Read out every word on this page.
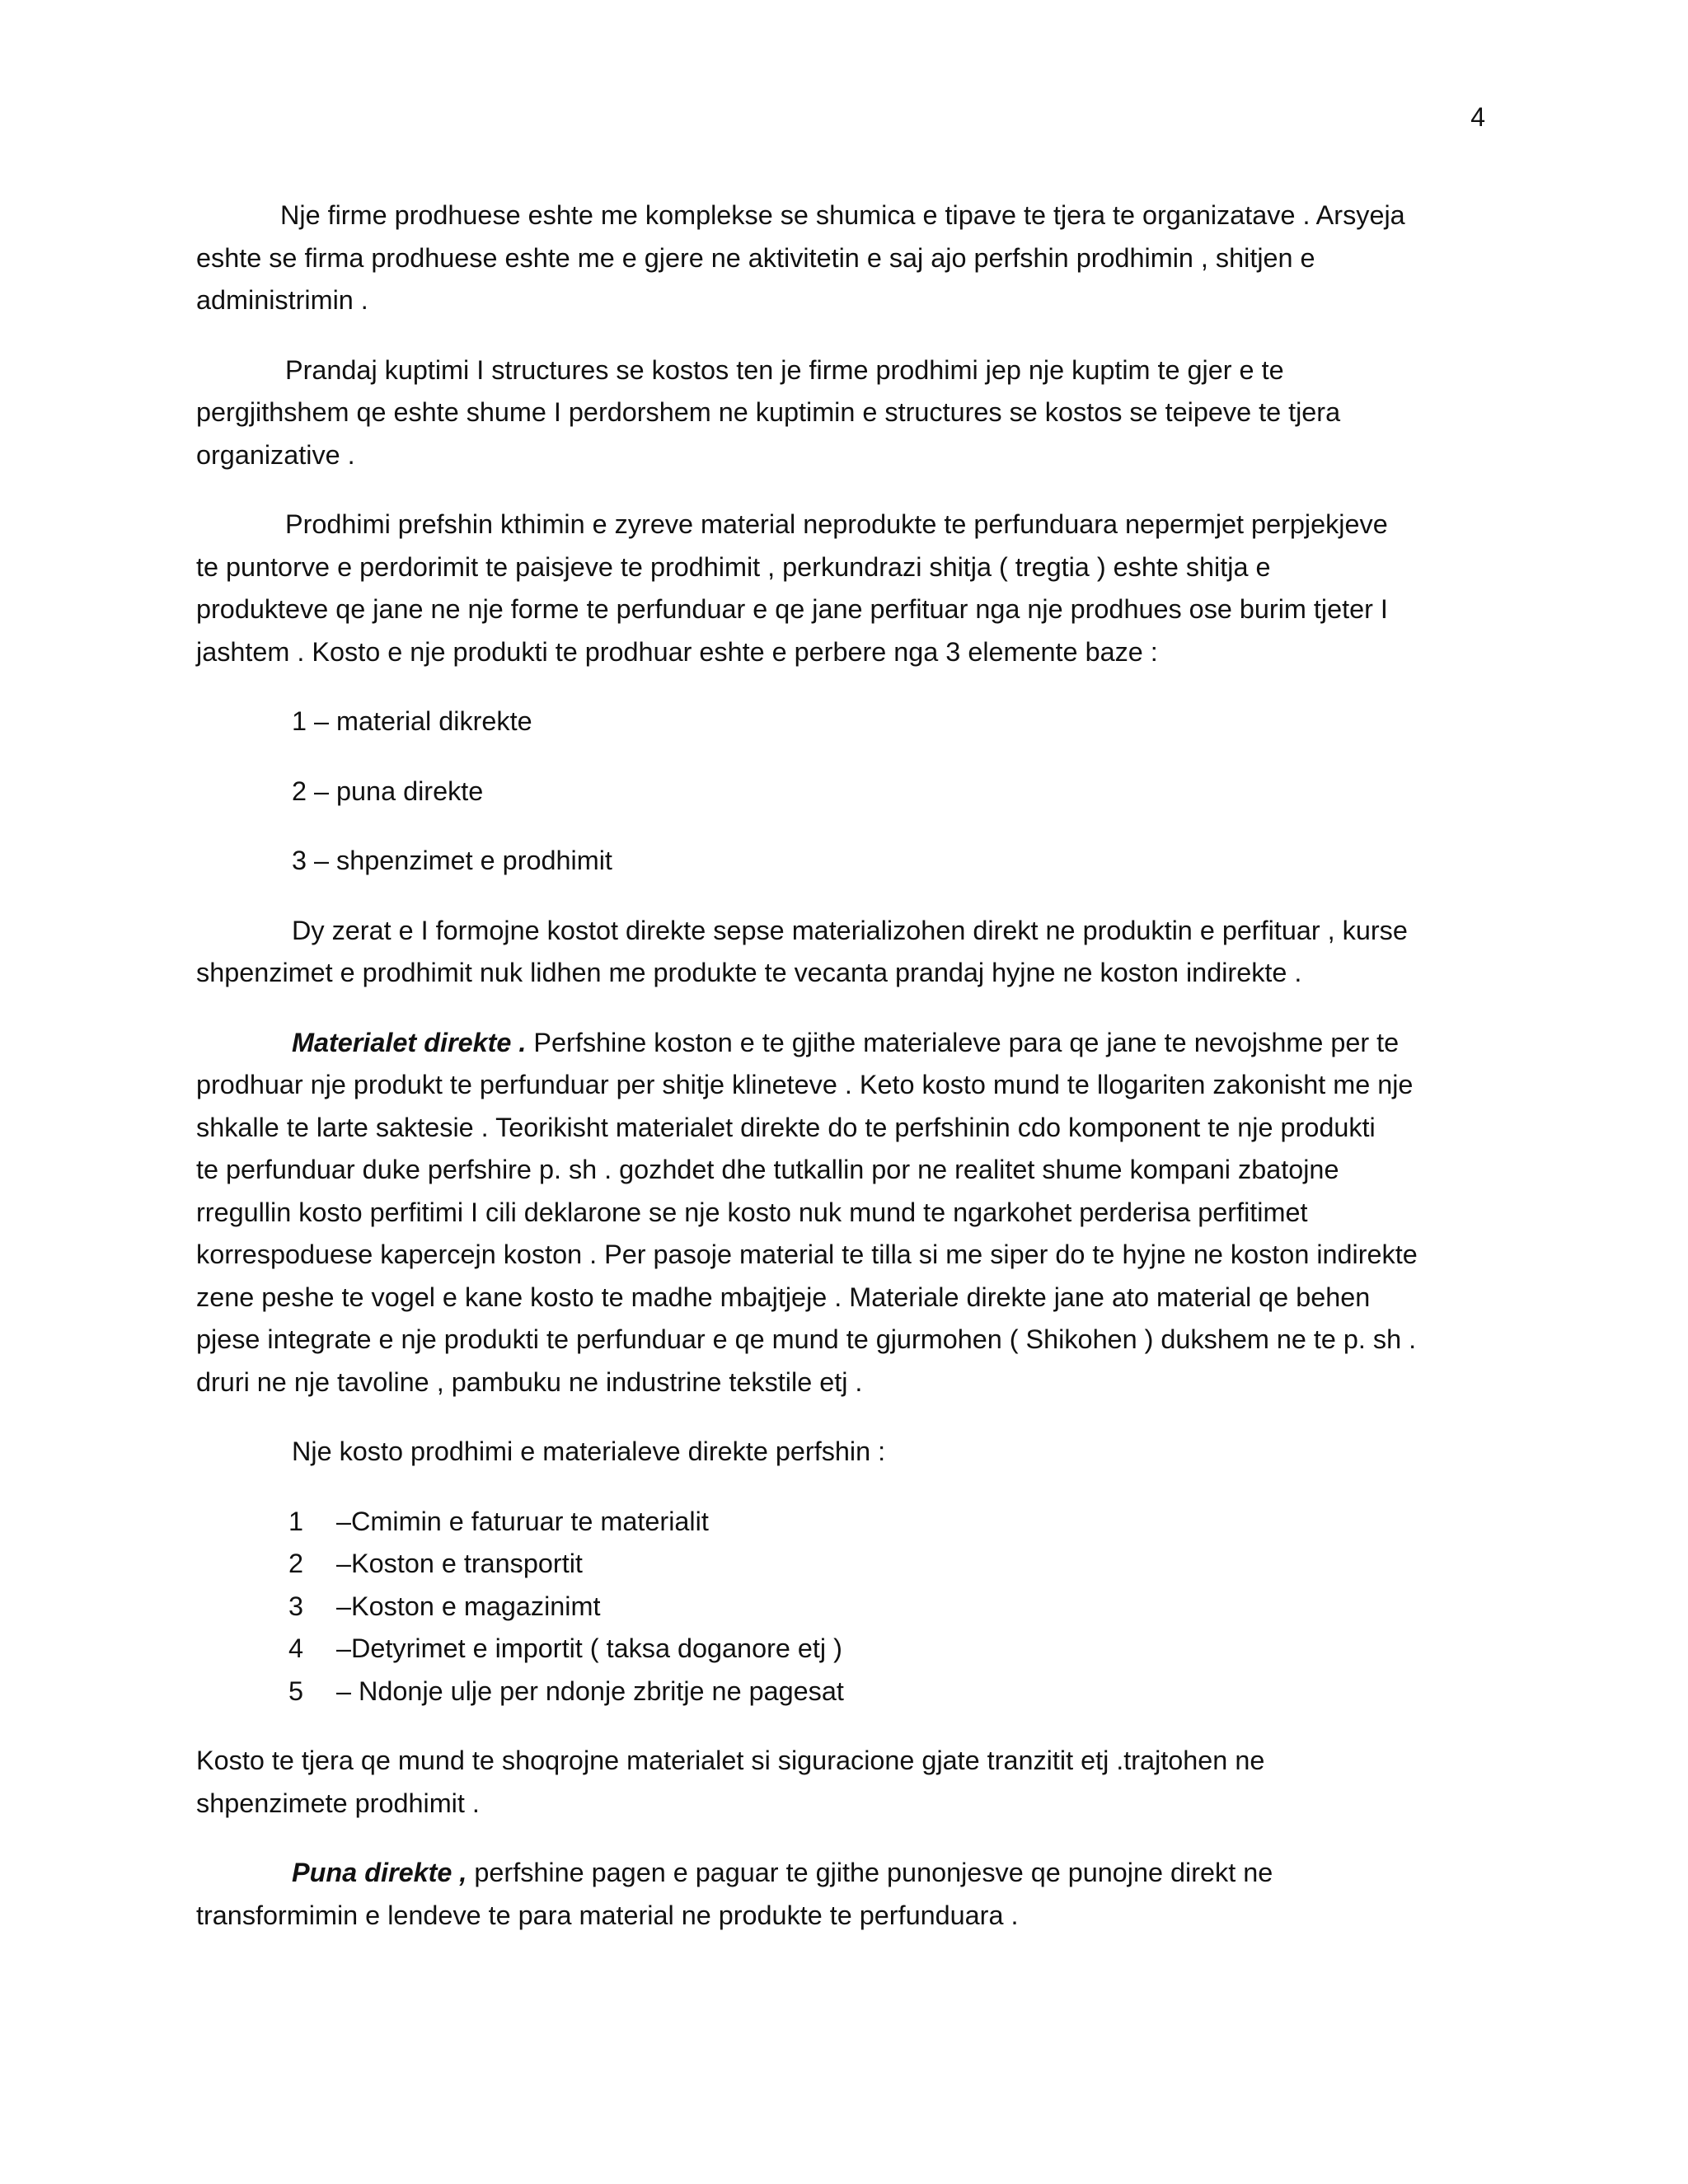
4
Nje firme prodhuese eshte me komplekse se shumica e tipave te tjera te organizatave . Arsyeja
eshte se firma prodhuese eshte me e gjere ne aktivitetin e saj ajo perfshin prodhimin , shitjen e
administrimin .
Prandaj kuptimi I structures se kostos ten je firme prodhimi jep nje kuptim te gjer e te
pergjithshem qe eshte shume I perdorshem ne kuptimin e structures se kostos se teipeve te tjera
organizative .
Prodhimi prefshin kthimin e zyreve material neprodukte te perfunduara nepermjet perpjekjeve
te puntorve e perdorimit te paisjeve te prodhimit , perkundrazi shitja ( tregtia ) eshte shitja e
produkteve qe jane ne nje forme te perfunduar e qe jane perfituar nga nje prodhues ose burim tjeter I
jashtem . Kosto e nje produkti te prodhuar eshte e perbere nga 3 elemente baze :
1 – material dikrekte
2 – puna direkte
3 – shpenzimet e prodhimit
Dy zerat e I formojne kostot direkte sepse materializohen direkt ne produktin e perfituar , kurse
shpenzimet e prodhimit nuk lidhen me produkte te vecanta prandaj hyjne ne koston indirekte .
Materialet direkte . Perfshine koston e te gjithe materialeve para qe jane te nevojshme per te
prodhuar nje produkt te perfunduar per shitje klineteve . Keto kosto mund te llogariten zakonisht me nje
shkalle te larte saktesie . Teorikisht materialet direkte do te perfshinin cdo komponent te nje produkti
te perfunduar duke perfshire p. sh . gozhdet dhe tutkallin por ne realitet shume kompani zbatojne
rregullin kosto perfitimi I cili deklarone se nje kosto nuk mund te ngarkohet perderisa perfitimet
korrespoduese kapercejn koston . Per pasoje material te tilla si me siper do te hyjne ne koston indirekte
zene peshe te vogel e kane kosto te madhe mbajtjeje . Materiale direkte jane ato material qe behen
pjese integrate e nje produkti te perfunduar e qe mund te gjurmohen ( Shikohen ) dukshem ne te p. sh .
druri ne nje tavoline , pambuku ne industrine tekstile etj .
Nje kosto prodhimi e materialeve direkte perfshin :
1 –Cmimin e faturuar te materialit
2 –Koston e transportit
3 –Koston e magazinimt
4 –Detyrimet e importit ( taksa doganore etj )
5 – Ndonje ulje per ndonje zbritje ne pagesat
Kosto te tjera qe mund te shoqrojne materialet si siguracione gjate tranzitit etj .trajtohen ne
shpenzimete prodhimit .
Puna direkte , perfshine pagen e paguar te gjithe punonjesve qe punojne direkt ne
transformimin e lendeve te para material ne produkte te perfunduara .
